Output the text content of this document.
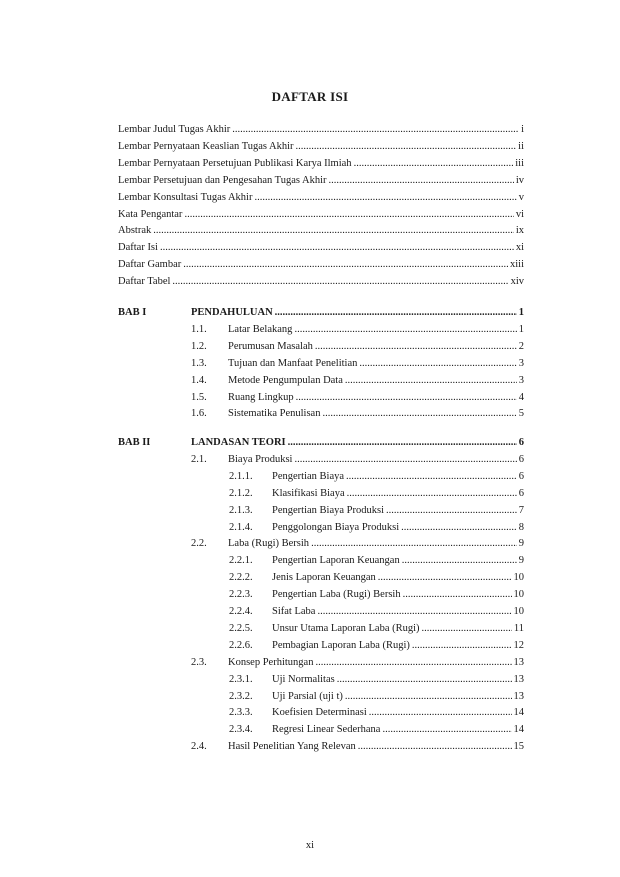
DAFTAR ISI
Lembar Judul Tugas Akhir .....	i
Lembar Pernyataan Keaslian Tugas Akhir .....	ii
Lembar Pernyataan Persetujuan Publikasi Karya Ilmiah .....	iii
Lembar Persetujuan dan Pengesahan Tugas Akhir .....	iv
Lembar Konsultasi Tugas Akhir .....	v
Kata Pengantar .....	vi
Abstrak .....	ix
Daftar Isi .....	xi
Daftar Gambar .....	xiii
Daftar Tabel .....	xiv
BAB I	PENDAHULUAN .....	1
1.1.	Latar Belakang .....	1
1.2.	Perumusan Masalah .....	2
1.3.	Tujuan dan Manfaat Penelitian .....	3
1.4.	Metode Pengumpulan Data .....	3
1.5.	Ruang Lingkup .....	4
1.6.	Sistematika Penulisan .....	5
BAB II	LANDASAN TEORI .....	6
2.1.	Biaya Produksi .....	6
2.1.1.	Pengertian Biaya .....	6
2.1.2.	Klasifikasi Biaya .....	6
2.1.3.	Pengertian Biaya Produksi .....	7
2.1.4.	Penggolongan Biaya Produksi .....	8
2.2.	Laba (Rugi) Bersih .....	9
2.2.1.	Pengertian Laporan Keuangan .....	9
2.2.2.	Jenis Laporan Keuangan .....	10
2.2.3.	Pengertian Laba (Rugi) Bersih .....	10
2.2.4.	Sifat Laba .....	10
2.2.5.	Unsur Utama Laporan Laba (Rugi) .....	11
2.2.6.	Pembagian Laporan Laba (Rugi) .....	12
2.3.	Konsep Perhitungan .....	13
2.3.1.	Uji Normalitas .....	13
2.3.2.	Uji Parsial (uji t) .....	13
2.3.3.	Koefisien Determinasi .....	14
2.3.4.	Regresi Linear Sederhana .....	14
2.4.	Hasil Penelitian Yang Relevan .....	15
xi
